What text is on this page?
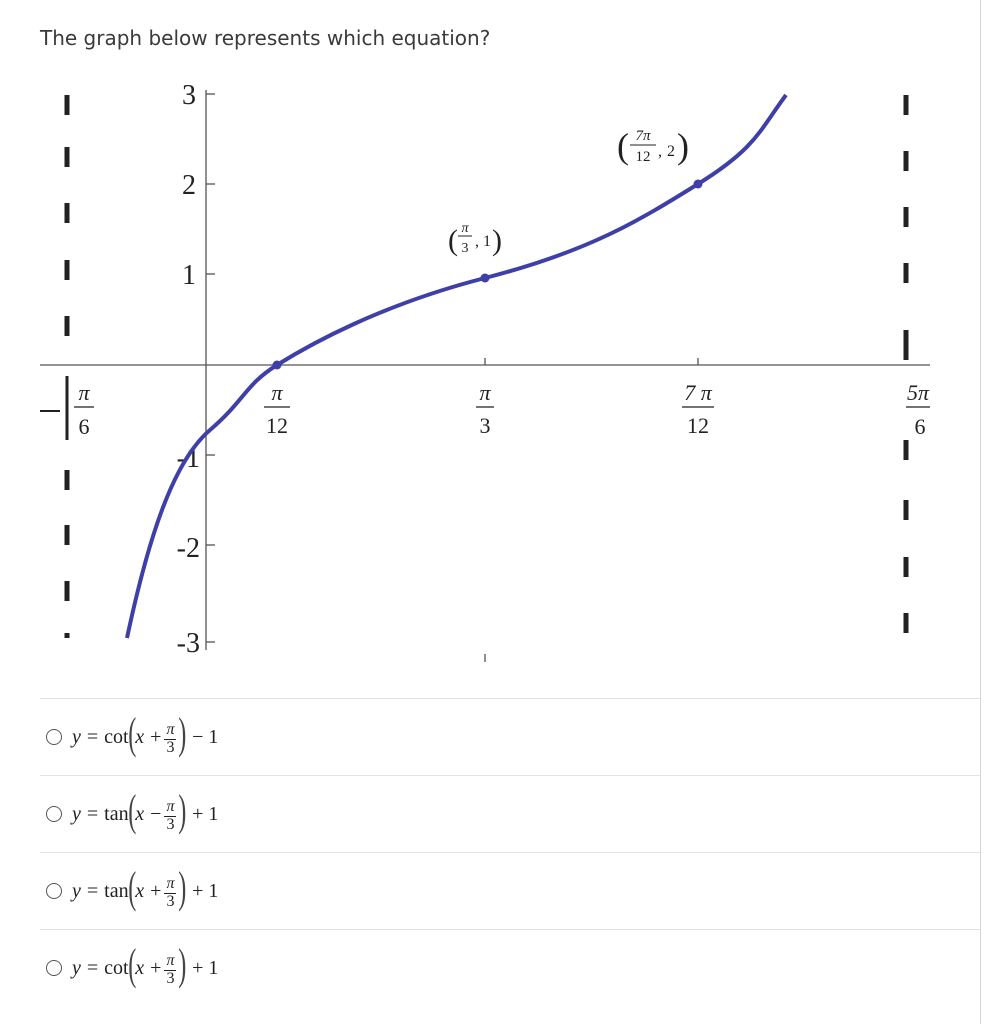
The graph below represents which equation?
3
2
1
-1
-2
-3
π
6
π
12
π
3
7 π
12
5π
6
( π
3 , 1 )
( 7π
12 , 2 )
y = cot ( $x + \frac{\pi}{3}$ ) − 1
y = tan ( $x - \frac{\pi}{3}$ ) + 1
y = tan ( $x + \frac{\pi}{3}$ ) + 1
y = cot ( $x + \frac{\pi}{3}$ ) + 1
